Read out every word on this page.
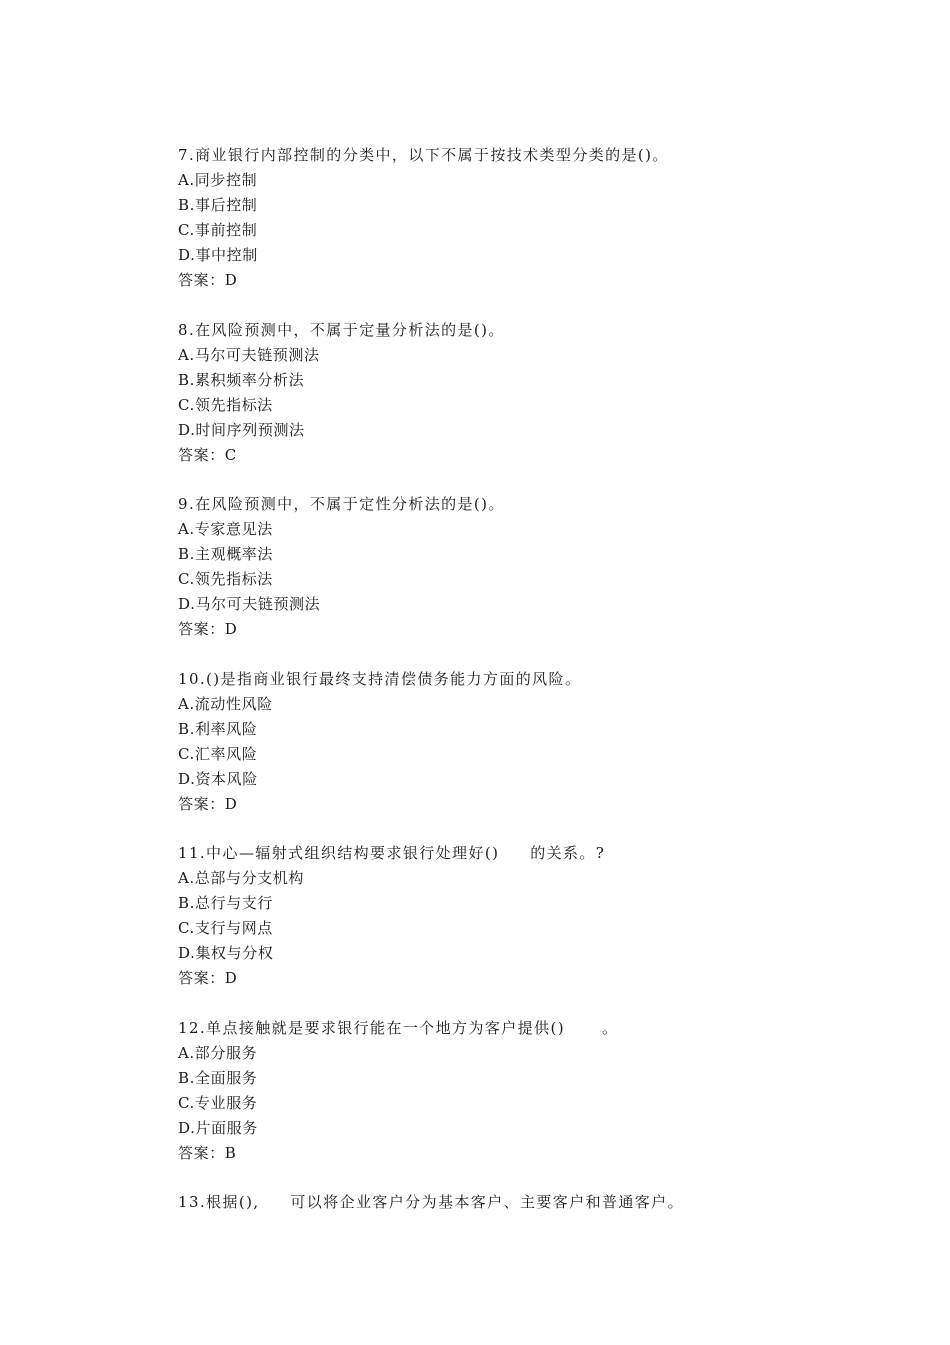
7.商业银行内部控制的分类中，以下不属于按技术类型分类的是()。
A.同步控制
B.事后控制
C.事前控制
D.事中控制
答案：D
8.在风险预测中，不属于定量分析法的是()。
A.马尔可夫链预测法
B.累积频率分析法
C.领先指标法
D.时间序列预测法
答案：C
9.在风险预测中，不属于定性分析法的是()。
A.专家意见法
B.主观概率法
C.领先指标法
D.马尔可夫链预测法
答案：D
10.()是指商业银行最终支持清偿债务能力方面的风险。
A.流动性风险
B.利率风险
C.汇率风险
D.资本风险
答案：D
11.中心—辐射式组织结构要求银行处理好()     的关系。?
A.总部与分支机构
B.总行与支行
C.支行与网点
D.集权与分权
答案：D
12.单点接触就是要求银行能在一个地方为客户提供()      。
A.部分服务
B.全面服务
C.专业服务
D.片面服务
答案：B
13.根据(),     可以将企业客户分为基本客户、主要客户和普通客户。
